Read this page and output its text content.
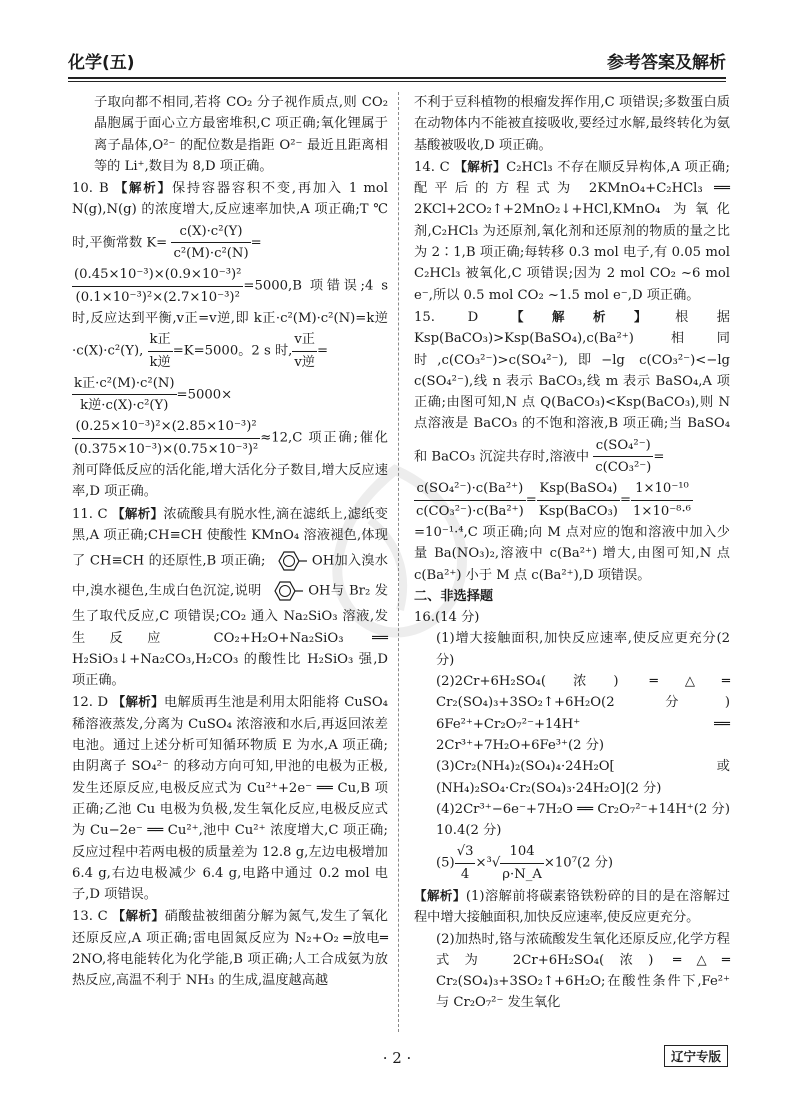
化学(五)	参考答案及解析

子取向都不相同,若将 CO₂ 分子视作质点,则 CO₂ 晶胞属于面心立方最密堆积,C 项正确;氧化锂属于离子晶体,O²⁻ 的配位数是指距 O²⁻ 最近且距离相等的 Li⁺,数目为 8,D 项正确。

10. B 【解析】保持容器容积不变,再加入 1 mol N(g),N(g) 的浓度增大,反应速率加快,A 项正确;T ℃ 时,平衡常数 $K= \frac{\text{c(X)·c²(Y)}}{\text{c²(M)·c²(N)}}$ =

$\frac{\text{(0.45×10⁻³)×(0.9×10⁻³)²}}{\text{(0.1×10⁻³)²×(2.7×10⁻³)²}} =5000,B$ 项错误;4 s 时,反应达到平衡,v正=v逆,即 k正·c²(M)·c²(N)=k逆·c(X)·c²(Y), $\frac{\text{k正}}{\text{k逆}} =K=5000$。2 s 时, $\frac{\text{v正}}{\text{v逆}}$ =

$\frac{\text{k正·c²(M)·c²(N)}}{\text{k逆·c(X)·c²(Y)}} =5000\times$

$\frac{\text{(0.25×10⁻³)²×(2.85×10⁻³)²}}{\text{(0.375×10⁻³)×(0.75×10⁻³)²}} \approx 12,C$ 项正确;催化剂可降低反应的活化能,增大活化分子数目,增大反应速率,D 项正确。

11. C 【解析】浓硫酸具有脱水性,滴在滤纸上,滤纸变黑,A 项正确;CH≡CH 使酸性 KMnO₄ 溶液褪色,体现了 CH≡CH 的还原性,B 项正确;	OH加入溴水中,溴水褪色,生成白色沉淀,说明	OH与 Br₂ 发生了取代反应,C 项错误;CO₂ 通入 Na₂SiO₃ 溶液,发生反应 CO₂+H₂O+Na₂SiO₃ ══ H₂SiO₃↓+Na₂CO₃,H₂CO₃ 的酸性比 H₂SiO₃ 强,D 项正确。

12. D 【解析】电解质再生池是利用太阳能将 CuSO₄ 稀溶液蒸发,分离为 CuSO₄ 浓溶液和水后,再返回浓差电池。通过上述分析可知循环物质 E 为水,A 项正确;由阴离子 SO₄²⁻ 的移动方向可知,甲池的电极为正极,发生还原反应,电极反应式为 Cu²⁺+2e⁻ ══ Cu,B 项正确;乙池 Cu 电极为负极,发生氧化反应,电极反应式为 Cu−2e⁻ ══ Cu²⁺,池中 Cu²⁺ 浓度增大,C 项正确;反应过程中若两电极的质量差为 12.8 g,左边电极增加 6.4 g,右边电极减少 6.4 g,电路中通过 0.2 mol 电子,D 项错误。

13. C 【解析】硝酸盐被细菌分解为氮气,发生了氧化还原反应,A 项正确;雷电固氮反应为 N₂+O₂ ═放电═ 2NO,将电能转化为化学能,B 项正确;人工合成氨为放热反应,高温不利于 NH₃ 的生成,温度越高越

不利于豆科植物的根瘤发挥作用,C 项错误;多数蛋白质在动物体内不能被直接吸收,要经过水解,最终转化为氨基酸被吸收,D 项正确。

14. C 【解析】C₂HCl₃ 不存在顺反异构体,A 项正确;配平后的方程式为 2KMnO₄+C₂HCl₃ ══ 2KCl+2CO₂↑+2MnO₂↓+HCl,KMnO₄ 为氧化剂,C₂HCl₃ 为还原剂,氧化剂和还原剂的物质的量之比为 2∶1,B 项正确;每转移 0.3 mol 电子,有 0.05 mol C₂HCl₃ 被氧化,C 项错误;因为 2 mol CO₂ ~6 mol e⁻,所以 0.5 mol CO₂ ~1.5 mol e⁻,D 项正确。

15. D	【解析】根据 Ksp(BaCO₃)>Ksp(BaSO₄),c(Ba²⁺) 相同时,c(CO₃²⁻)>c(SO₄²⁻),即−lg c(CO₃²⁻)<−lg c(SO₄²⁻),线 n 表示 BaCO₃,线 m 表示 BaSO₄,A 项正确;由图可知,N 点 Q(BaCO₃)<Ksp(BaCO₃),则 N 点溶液是 BaCO₃ 的不饱和溶液,B 项正确;当 BaSO₄ 和 BaCO₃ 沉淀共存时,溶液中 $\frac{\text{c(SO₄²⁻)}}{\text{c(CO₃²⁻)}}$ =

$\frac{\text{c(SO₄²⁻)·c(Ba²⁺)}}{\text{c(CO₃²⁻)·c(Ba²⁺)}} = \frac{\text{Ksp(BaSO₄)}}{\text{Ksp(BaCO₃)}} = \frac{\text{1×10⁻¹⁰}}{\text{1×10⁻⁸·⁶}}$
=10⁻¹·⁴,C 项正确;向 M 点对应的饱和溶液中加入少量 Ba(NO₃)₂,溶液中 c(Ba²⁺) 增大,由图可知,N 点 c(Ba²⁺) 小于 M 点 c(Ba²⁺),D 项错误。

二、非选择题

16.(14 分)

(1)增大接触面积,加快反应速率,使反应更充分(2 分)

(2)2Cr+6H₂SO₄(浓) ═△═ Cr₂(SO₄)₃+3SO₂↑+6H₂O(2 分) 6Fe²⁺+Cr₂O₇²⁻+14H⁺ ══ 2Cr³⁺+7H₂O+6Fe³⁺(2 分)

(3)Cr₂(NH₄)₂(SO₄)₄·24H₂O[或 (NH₄)₂SO₄·Cr₂(SO₄)₃·24H₂O](2 分)

(4)2Cr³⁺−6e⁻+7H₂O ══ Cr₂O₇²⁻+14H⁺(2 分) 10.4(2 分)

$(5) \frac{√3}{4} \times^3√ \frac{104}{\rho\cdot N\_A} \times 10^7(2$ 分)

【解析】(1)溶解前将碳素铬铁粉碎的目的是在溶解过程中增大接触面积,加快反应速率,使反应更充分。

(2)加热时,铬与浓硫酸发生氧化还原反应,化学方程式为 2Cr+6H₂SO₄(浓) ═△═ Cr₂(SO₄)₃+3SO₂↑+6H₂O;在酸性条件下,Fe²⁺ 与 Cr₂O₇²⁻ 发生氧化

· 2 ·	辽宁专版
